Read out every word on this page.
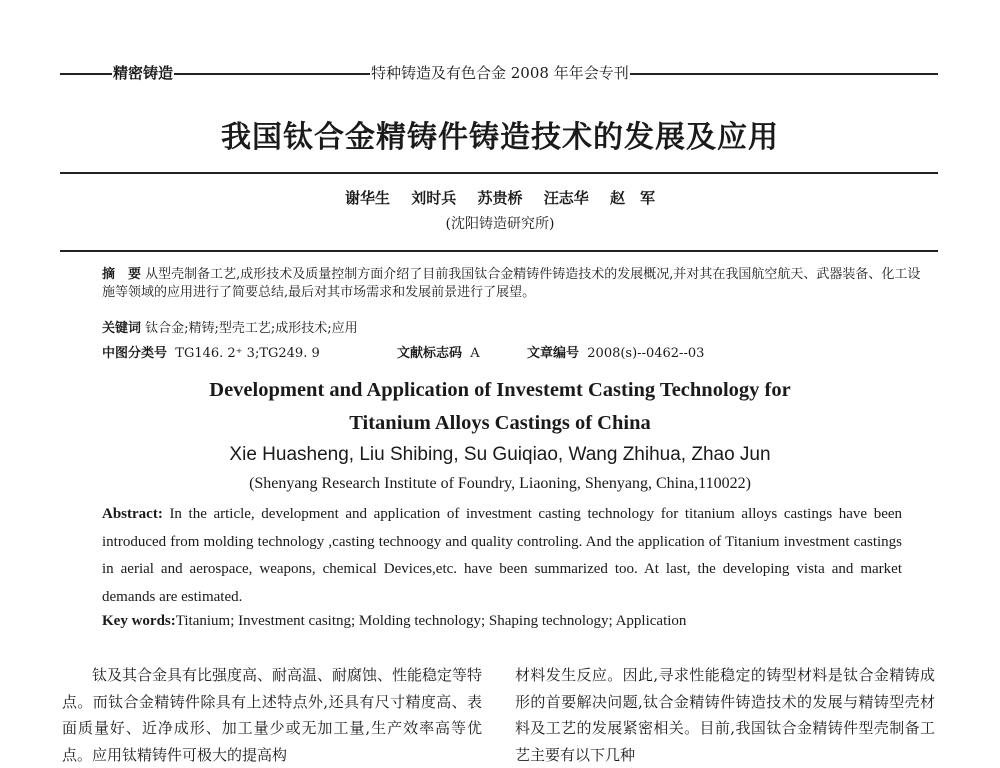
精密铸造	特种铸造及有色合金 2008 年年会专刊
我国钛合金精铸件铸造技术的发展及应用
谢华生 刘时兵 苏贵桥 汪志华 赵　军
(沈阳铸造研究所)
摘　要 从型壳制备工艺,成形技术及质量控制方面介绍了目前我国钛合金精铸件铸造技术的发展概况,并对其在我国航空航天、武器装备、化工设施等领域的应用进行了简要总结,最后对其市场需求和发展前景进行了展望。
关键词 钛合金;精铸;型壳工艺;成形技术;应用
中图分类号 TG146. 2⁺ 3;TG249. 9	文献标志码 A	文章编号 2008(s)--0462--03
Development and Application of Investemt Casting Technology for
Titanium Alloys Castings of China
Xie Huasheng, Liu Shibing, Su Guiqiao, Wang Zhihua, Zhao Jun
(Shenyang Research Institute of Foundry, Liaoning, Shenyang, China,110022)
Abstract: In the article, development and application of investment casting technology for titanium alloys castings have been introduced from molding technology ,casting technoogy and quality controling. And the application of Titanium investment castings in aerial and aerospace, weapons, chemical Devices,etc. have been summarized too. At last, the developing vista and market demands are estimated.
Key words:Titanium; Investment casitng; Molding technology; Shaping technology; Application
　　钛及其合金具有比强度高、耐高温、耐腐蚀、性能稳定等特点。而钛合金精铸件除具有上述特点外,还具有尺寸精度高、表面质量好、近净成形、加工量少或无加工量,生产效率高等优点。应用钛精铸件可极大的提高构
材料发生反应。因此,寻求性能稳定的铸型材料是钛合金精铸成形的首要解决问题,钛合金精铸件铸造技术的发展与精铸型壳材料及工艺的发展紧密相关。目前,我国钛合金精铸件型壳制备工艺主要有以下几种
